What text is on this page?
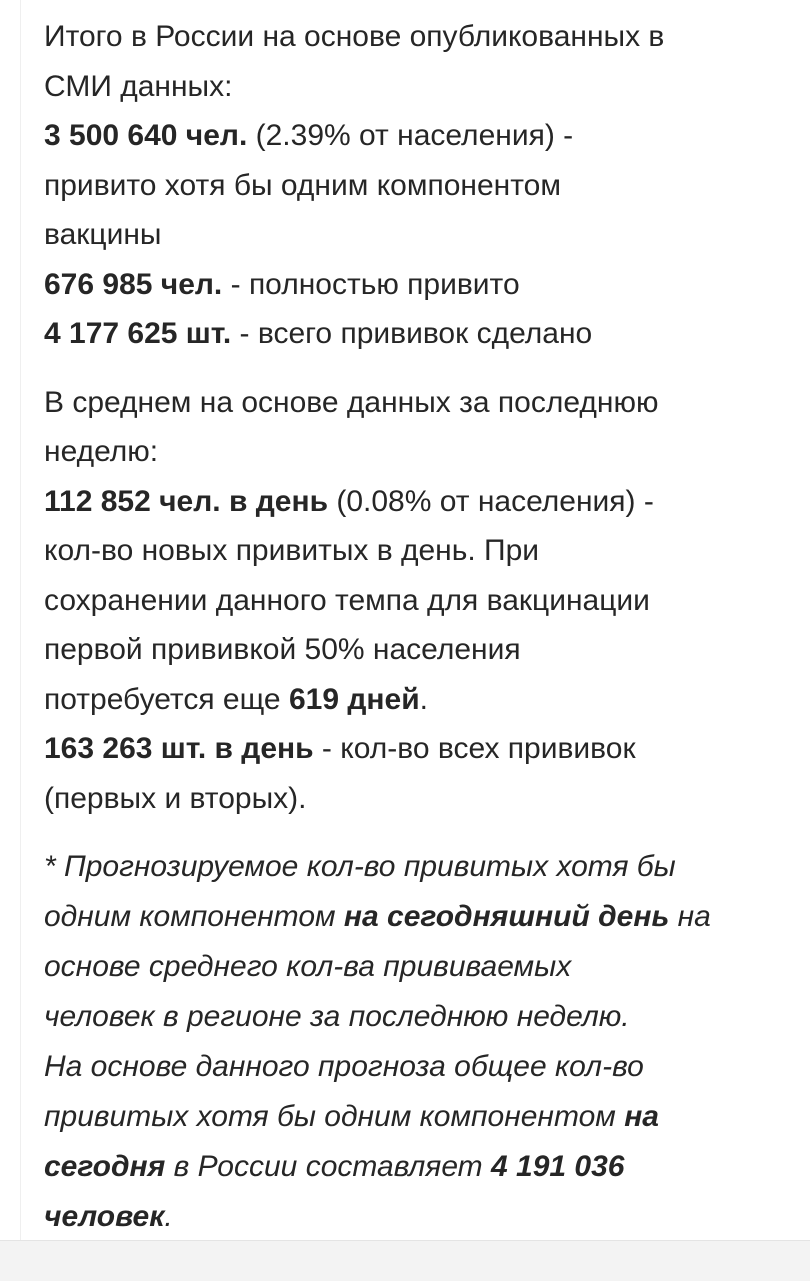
Итого в России на основе опубликованных в
СМИ данных:
3 500 640 чел. (2.39% от населения) -
привито хотя бы одним компонентом
вакцины
676 985 чел. - полностью привито
4 177 625 шт. - всего прививок сделано
В среднем на основе данных за последнюю
неделю:
112 852 чел. в день (0.08% от населения) -
кол-во новых привитых в день. При
сохранении данного темпа для вакцинации
первой прививкой 50% населения
потребуется еще 619 дней.
163 263 шт. в день - кол-во всех прививок
(первых и вторых).
* Прогнозируемое кол-во привитых хотя бы
одним компонентом на сегодняшний день на
основе среднего кол-ва прививаемых
человек в регионе за последнюю неделю.
На основе данного прогноза общее кол-во
привитых хотя бы одним компонентом на
сегодня в России составляет 4 191 036
человек.
